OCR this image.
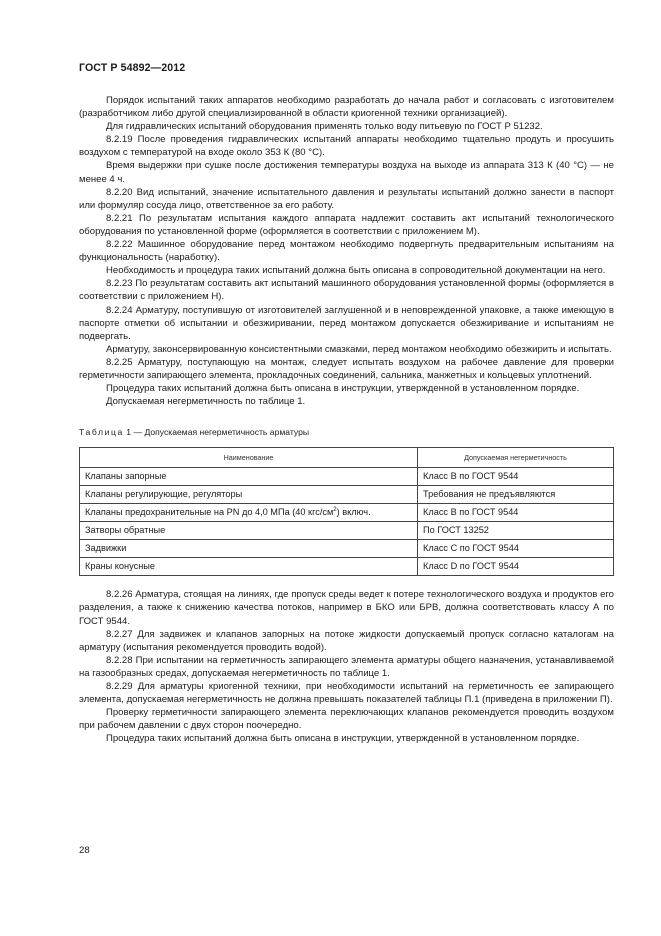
ГОСТ Р 54892—2012

Порядок испытаний таких аппаратов необходимо разработать до начала работ и согласовать с изготовителем (разработчиком либо другой специализированной в области криогенной техники организацией).

Для гидравлических испытаний оборудования применять только воду питьевую по ГОСТ Р 51232.

8.2.19 После проведения гидравлических испытаний аппараты необходимо тщательно продуть и просушить воздухом с температурой на входе около 353 К (80 °С).

Время выдержки при сушке после достижения температуры воздуха на выходе из аппарата 313 К (40 °С) — не менее 4 ч.

8.2.20 Вид испытаний, значение испытательного давления и результаты испытаний должно занести в паспорт или формуляр сосуда лицо, ответственное за его работу.

8.2.21 По результатам испытания каждого аппарата надлежит составить акт испытаний технологического оборудования по установленной форме (оформляется в соответствии с приложением М).

8.2.22 Машинное оборудование перед монтажом необходимо подвергнуть предварительным испытаниям на функциональность (наработку).

Необходимость и процедура таких испытаний должна быть описана в сопроводительной документации на него.

8.2.23 По результатам составить акт испытаний машинного оборудования установленной формы (оформляется в соответствии с приложением Н).

8.2.24 Арматуру, поступившую от изготовителей заглушенной и в неповрежденной упаковке, а также имеющую в паспорте отметки об испытании и обезжиривании, перед монтажом допускается обезжиривание и испытаниям не подвергать.

Арматуру, законсервированную консистентными смазками, перед монтажом необходимо обезжирить и испытать.

8.2.25 Арматуру, поступающую на монтаж, следует испытать воздухом на рабочее давление для проверки герметичности запирающего элемента, прокладочных соединений, сальника, манжетных и кольцевых уплотнений.

Процедура таких испытаний должна быть описана в инструкции, утвержденной в установленном порядке.

Допускаемая негерметичность по таблице 1.

Таблица 1 — Допускаемая негерметичность арматуры
Наименование	Допускаемая негерметичность
Клапаны запорные	Класс В по ГОСТ 9544
Клапаны регулирующие, регуляторы	Требования не предъявляются
Клапаны предохранительные на PN до 4,0 МПа (40 кгс/$см^2$) включ.	Класс В по ГОСТ 9544
Затворы обратные	По ГОСТ 13252
Задвижки	Класс С по ГОСТ 9544
Краны конусные	Класс D по ГОСТ 9544

8.2.26 Арматура, стоящая на линиях, где пропуск среды ведет к потере технологического воздуха и продуктов его разделения, а также к снижению качества потоков, например в БКО или БРВ, должна соответствовать классу А по ГОСТ 9544.

8.2.27 Для задвижек и клапанов запорных на потоке жидкости допускаемый пропуск согласно каталогам на арматуру (испытания рекомендуется проводить водой).

8.2.28 При испытании на герметичность запирающего элемента арматуры общего назначения, устанавливаемой на газообразных средах, допускаемая негерметичность по таблице 1.

8.2.29 Для арматуры криогенной техники, при необходимости испытаний на герметичность ее запирающего элемента, допускаемая негерметичность не должна превышать показателей таблицы П.1 (приведена в приложении П).

Проверку герметичности запирающего элемента переключающих клапанов рекомендуется проводить воздухом при рабочем давлении с двух сторон поочередно.

Процедура таких испытаний должна быть описана в инструкции, утвержденной в установленном порядке.

28
